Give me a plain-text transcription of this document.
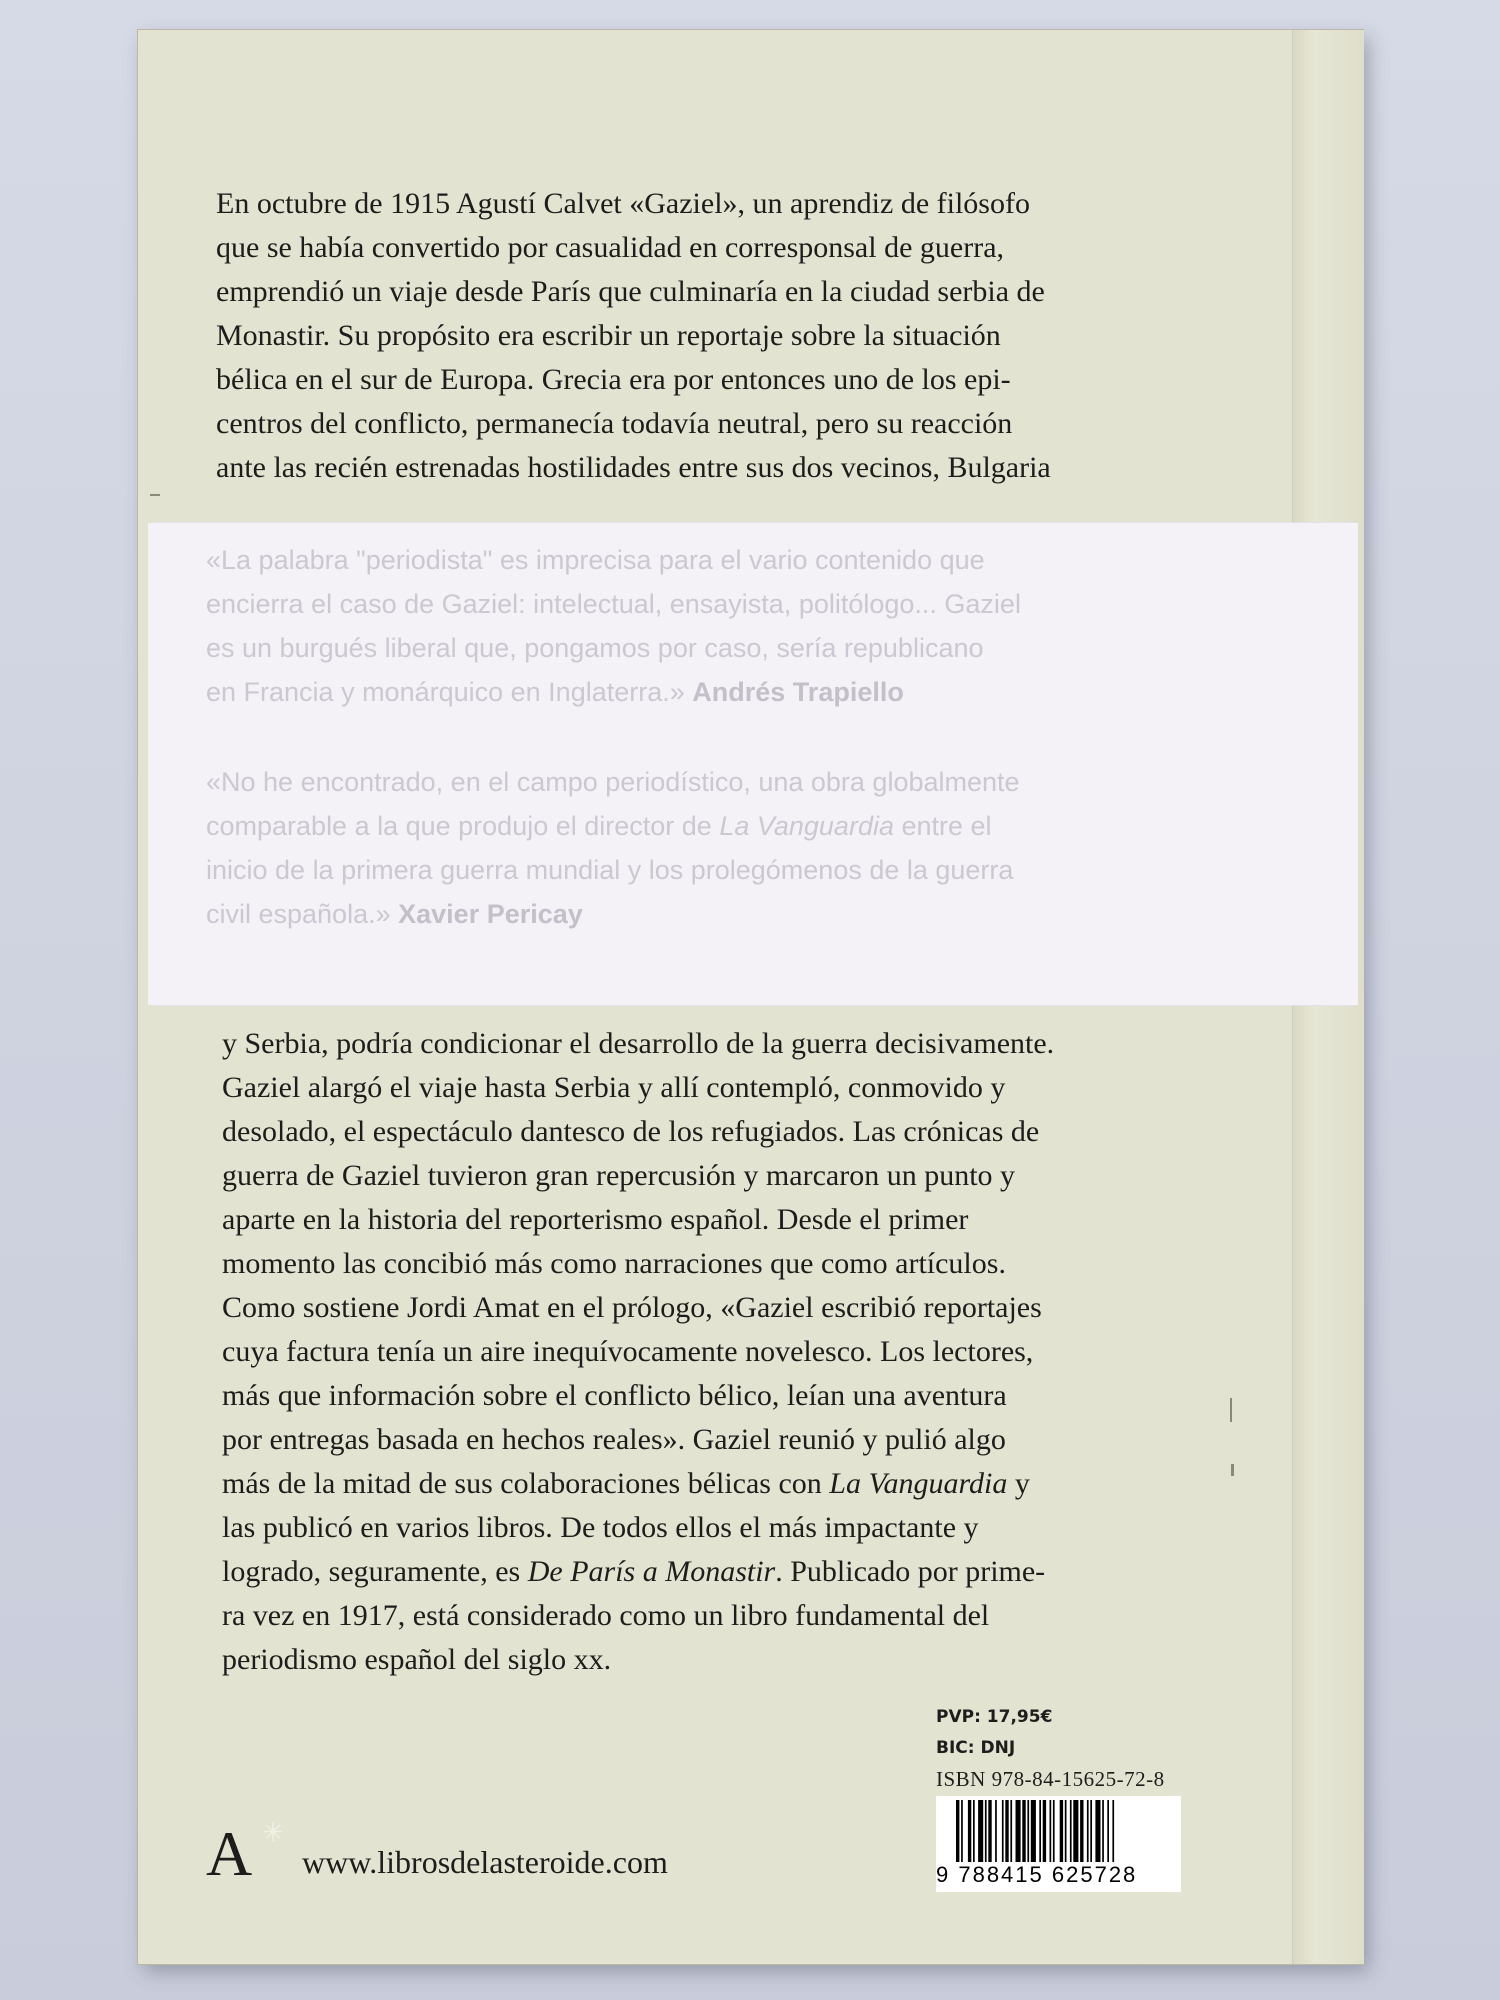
En octubre de 1915 Agustí Calvet «Gaziel», un aprendiz de filósofo
que se había convertido por casualidad en corresponsal de guerra,
emprendió un viaje desde París que culminaría en la ciudad serbia de
Monastir. Su propósito era escribir un reportaje sobre la situación
bélica en el sur de Europa. Grecia era por entonces uno de los epi-
centros del conflicto, permanecía todavía neutral, pero su reacción
ante las recién estrenadas hostilidades entre sus dos vecinos, Bulgaria
«La palabra "periodista" es imprecisa para el vario contenido que
encierra el caso de Gaziel: intelectual, ensayista, politólogo... Gaziel
es un burgués liberal que, pongamos por caso, sería republicano
en Francia y monárquico en Inglaterra.» Andrés Trapiello
«No he encontrado, en el campo periodístico, una obra globalmente
comparable a la que produjo el director de La Vanguardia entre el
inicio de la primera guerra mundial y los prolegómenos de la guerra
civil española.» Xavier Pericay
y Serbia, podría condicionar el desarrollo de la guerra decisivamente.
Gaziel alargó el viaje hasta Serbia y allí contempló, conmovido y
desolado, el espectáculo dantesco de los refugiados. Las crónicas de
guerra de Gaziel tuvieron gran repercusión y marcaron un punto y
aparte en la historia del reporterismo español. Desde el primer
momento las concibió más como narraciones que como artículos.
Como sostiene Jordi Amat en el prólogo, «Gaziel escribió reportajes
cuya factura tenía un aire inequívocamente novelesco. Los lectores,
más que información sobre el conflicto bélico, leían una aventura
por entregas basada en hechos reales». Gaziel reunió y pulió algo
más de la mitad de sus colaboraciones bélicas con La Vanguardia y
las publicó en varios libros. De todos ellos el más impactante y
logrado, seguramente, es De París a Monastir. Publicado por prime-
ra vez en 1917, está considerado como un libro fundamental del
periodismo español del siglo xx.
A ✳
www.librosdelasteroide.com
PVP: 17,95€
BIC: DNJ
ISBN 978-84-15625-72-8
9 788415 625728
